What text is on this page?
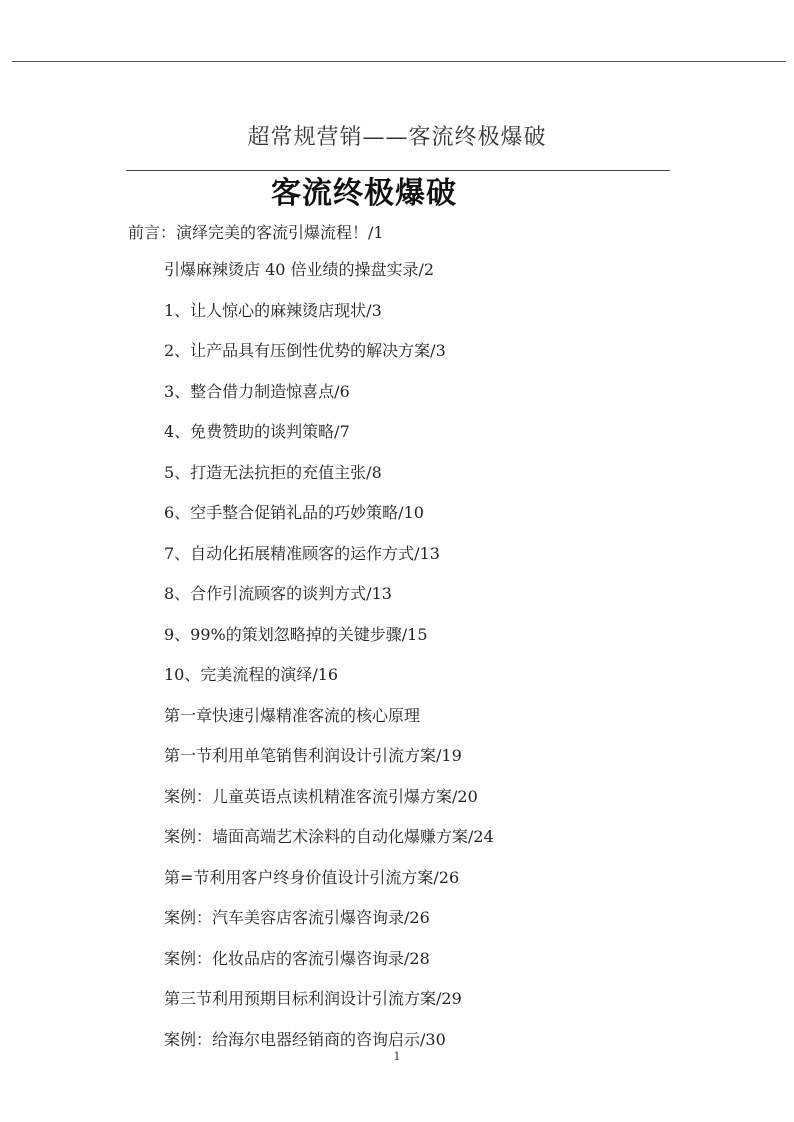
超常规营销——客流终极爆破
客流终极爆破
前言：演绎完美的客流引爆流程！/1
引爆麻辣烫店 40 倍业绩的操盘实录/2
1、让人惊心的麻辣烫店现状/3
2、让产品具有压倒性优势的解决方案/3
3、整合借力制造惊喜点/6
4、免费赞助的谈判策略/7
5、打造无法抗拒的充值主张/8
6、空手整合促销礼品的巧妙策略/10
7、自动化拓展精准顾客的运作方式/13
8、合作引流顾客的谈判方式/13
9、99%的策划忽略掉的关键步骤/15
10、完美流程的演绎/16
第一章快速引爆精准客流的核心原理
第一节利用单笔销售利润设计引流方案/19
案例：儿童英语点读机精准客流引爆方案/20
案例：墙面高端艺术涂料的自动化爆赚方案/24
第=节利用客户终身价值设计引流方案/26
案例：汽车美容店客流引爆咨询录/26
案例：化妆品店的客流引爆咨询录/28
第三节利用预期目标利润设计引流方案/29
案例：给海尔电器经销商的咨询启示/30
1
